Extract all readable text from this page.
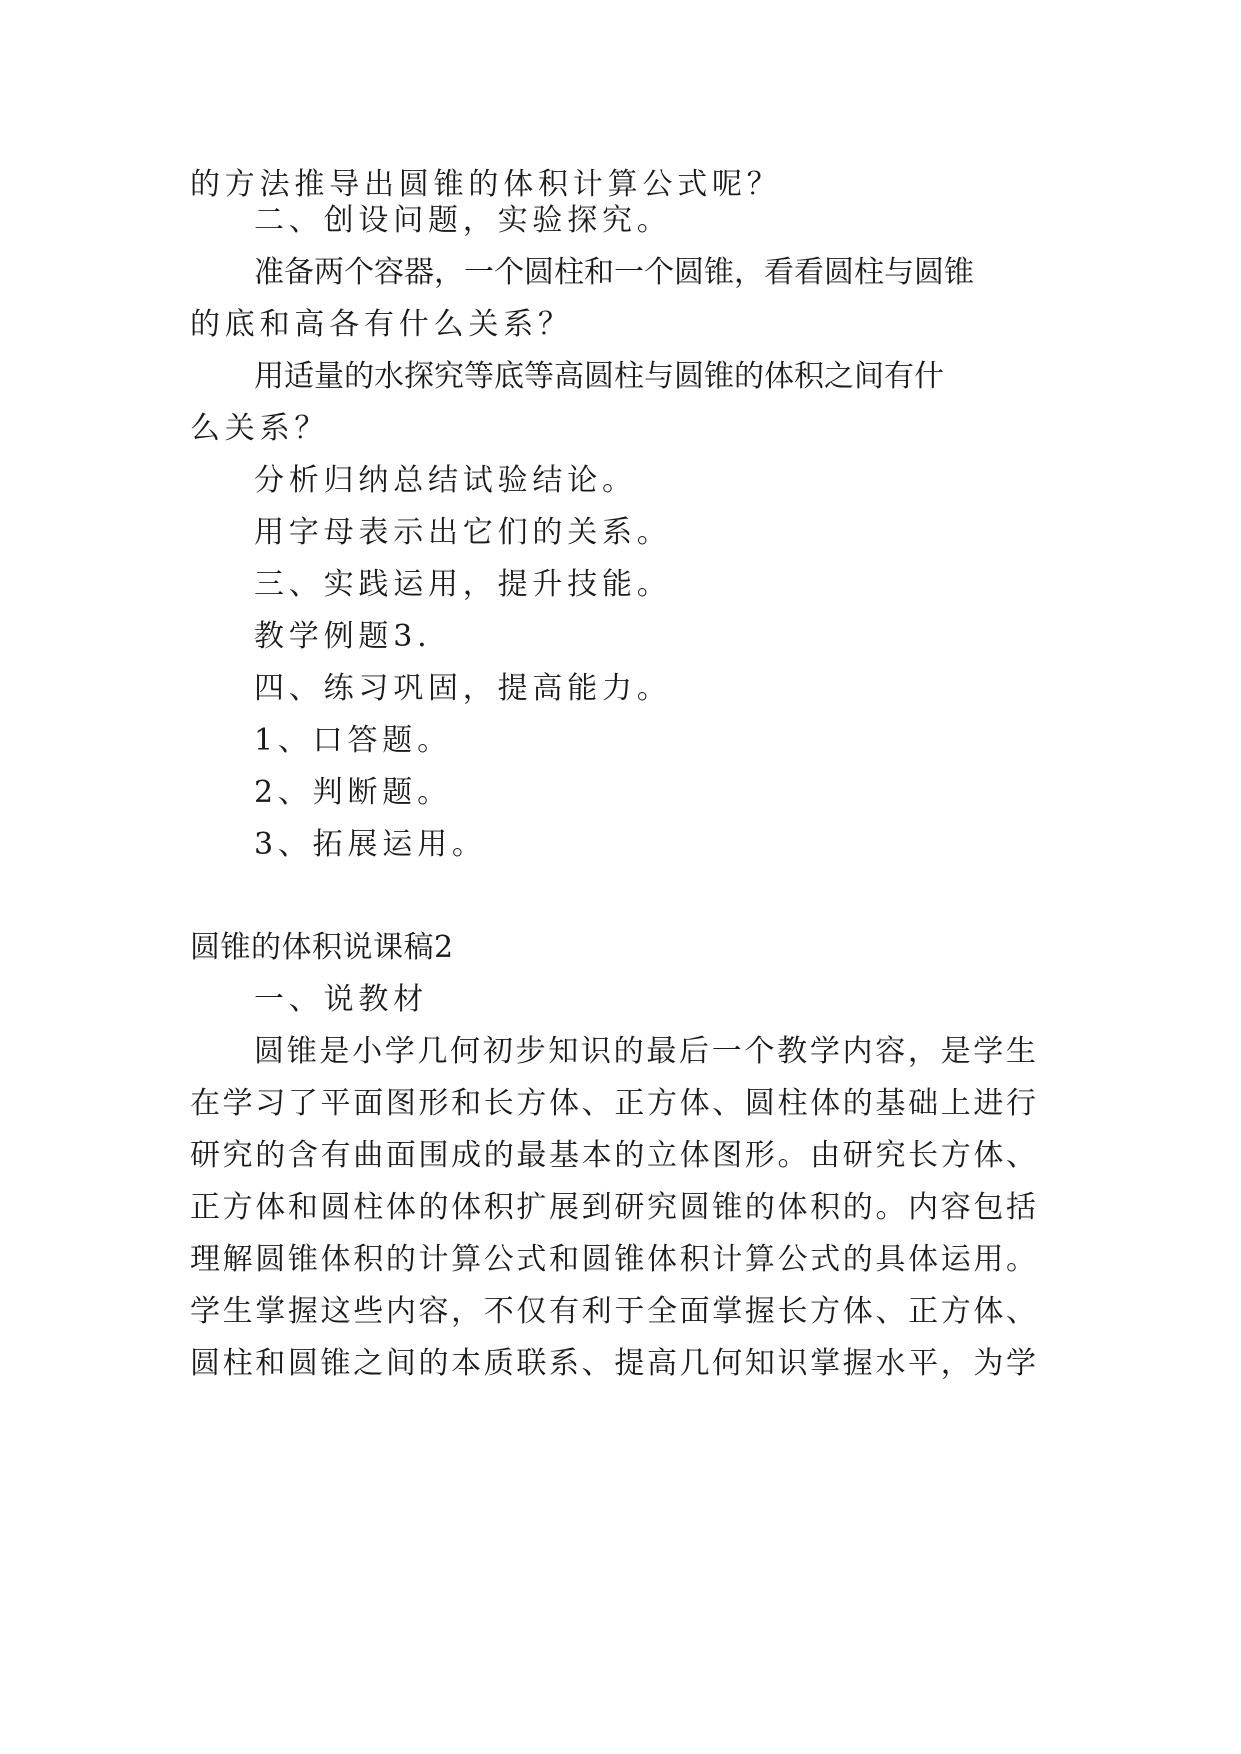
的方法推导出圆锥的体积计算公式呢？
二、创设问题，实验探究。
准备两个容器，一个圆柱和一个圆锥，看看圆柱与圆锥
的底和高各有什么关系？
用适量的水探究等底等高圆柱与圆锥的体积之间有什
么关系？
分析归纳总结试验结论。
用字母表示出它们的关系。
三、实践运用，提升技能。
教学例题3.
四、练习巩固，提高能力。
1、口答题。
2、判断题。
3、拓展运用。
圆锥的体积说课稿2
一、说教材
圆锥是小学几何初步知识的最后一个教学内容，是学生
在学习了平面图形和长方体、正方体、圆柱体的基础上进行
研究的含有曲面围成的最基本的立体图形。由研究长方体、
正方体和圆柱体的体积扩展到研究圆锥的体积的。内容包括
理解圆锥体积的计算公式和圆锥体积计算公式的具体运用。
学生掌握这些内容，不仅有利于全面掌握长方体、正方体、
圆柱和圆锥之间的本质联系、提高几何知识掌握水平，为学
